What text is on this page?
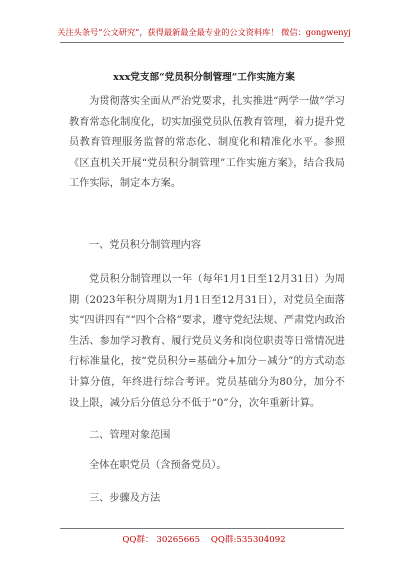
关注头条号“公文研究”，获得最新最全最专业的公文资料库！ 微信：gongwenyj
xxx党支部“党员积分制管理”工作实施方案

为贯彻落实全面从严治党要求，扎实推进“两学一做”学习教育常态化制度化，切实加强党员队伍教育管理，着力提升党员教育管理服务监督的常态化、制度化和精准化水平。参照《区直机关开展“党员积分制管理”工作实施方案》，结合我局工作实际，制定本方案。

一、党员积分制管理内容

党员积分制管理以一年（每年1月1日至12月31日）为周期（2023年积分周期为1月1日至12月31日），对党员全面落实“四讲四有”“四个合格”要求，遵守党纪法规、严肃党内政治生活、参加学习教育、履行党员义务和岗位职责等日常情况进行标准量化，按“党员积分=基础分+加分－减分”的方式动态计算分值，年终进行综合考评。党员基础分为80分，加分不设上限，减分后分值总分不低于“0”分，次年重新计算。

二、管理对象范围

全体在职党员（含预备党员）。

三、步骤及方法

QQ群： 30265665 QQ群:535304092
